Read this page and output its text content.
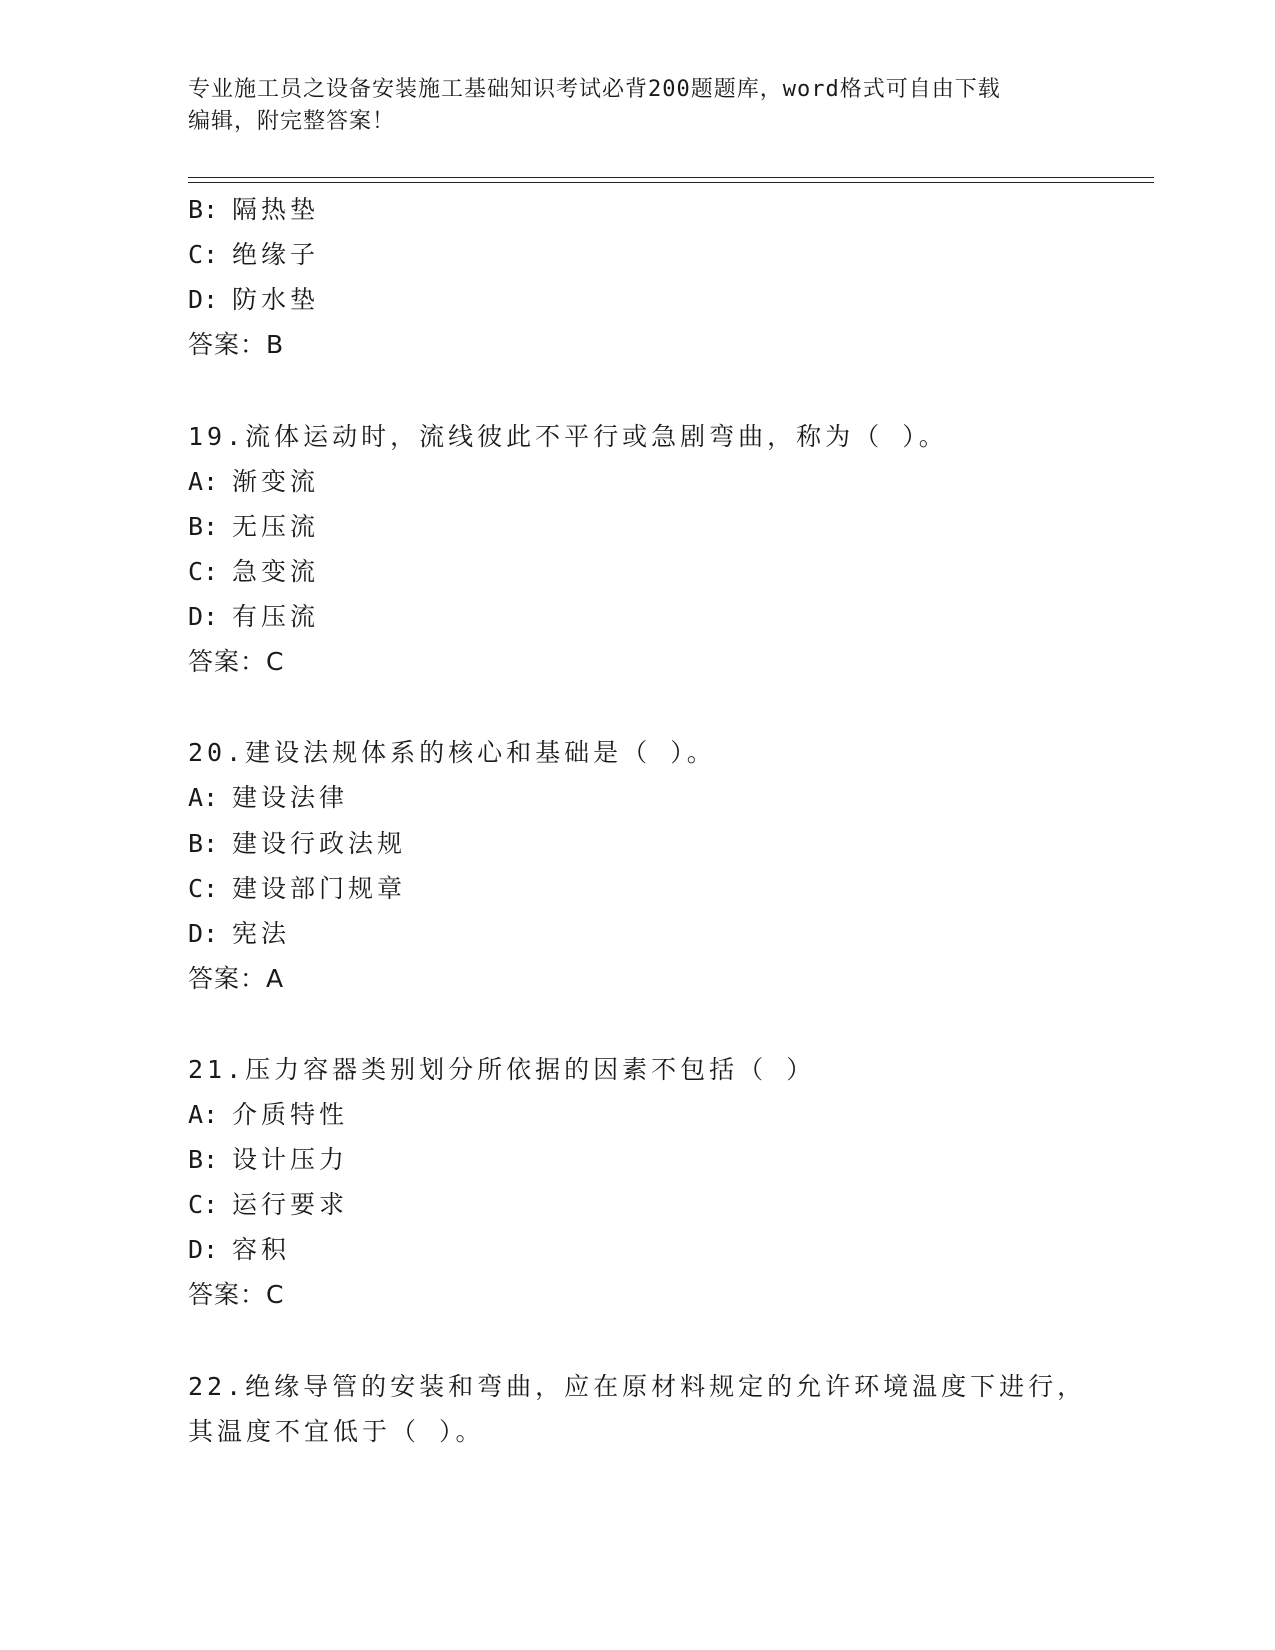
专业施工员之设备安装施工基础知识考试必背200题题库，word格式可自由下载
编辑，附完整答案！
B: 隔热垫
C: 绝缘子
D: 防水垫
答案：B
19.流体运动时，流线彼此不平行或急剧弯曲，称为（ ）。
A: 渐变流
B: 无压流
C: 急变流
D: 有压流
答案：C
20.建设法规体系的核心和基础是（ ）。
A: 建设法律
B: 建设行政法规
C: 建设部门规章
D: 宪法
答案：A
21.压力容器类别划分所依据的因素不包括（ ）
A: 介质特性
B: 设计压力
C: 运行要求
D: 容积
答案：C
22.绝缘导管的安装和弯曲，应在原材料规定的允许环境温度下进行，
其温度不宜低于（ ）。
